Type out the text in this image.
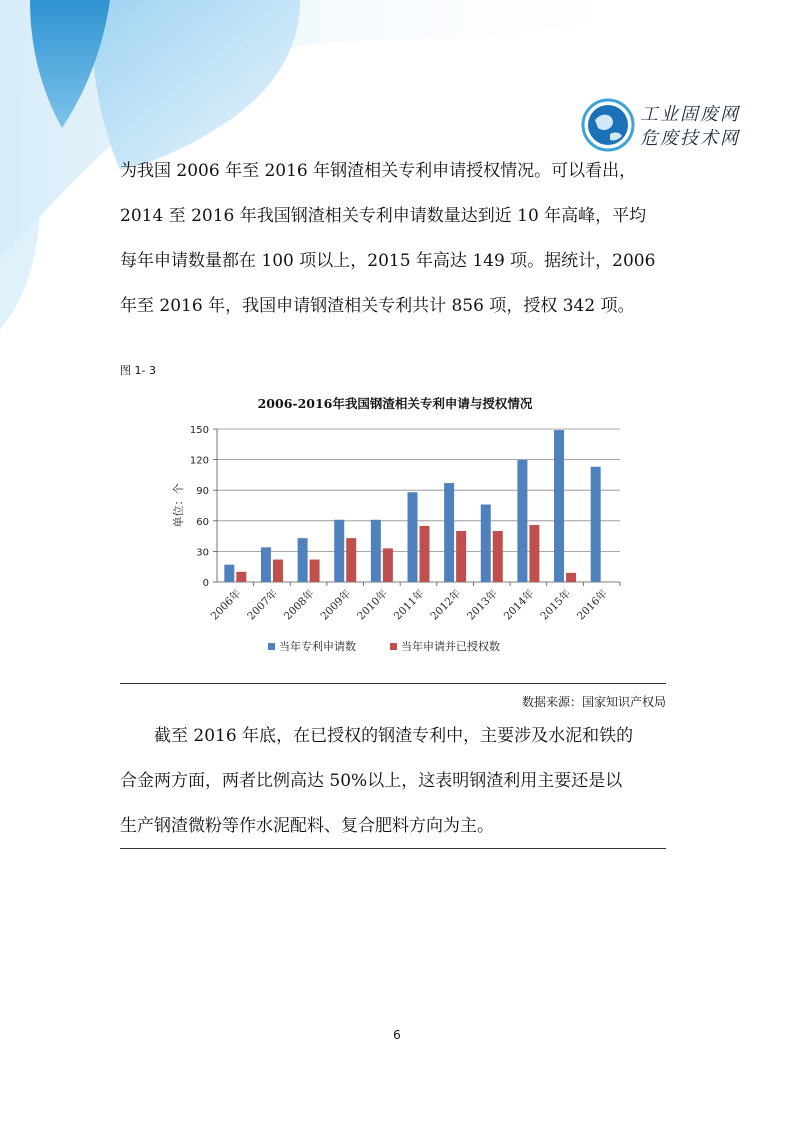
工业固废网
危废技术网
为我国 2006 年至 2016 年钢渣相关专利申请授权情况。可以看出，
2014 至 2016 年我国钢渣相关专利申请数量达到近 10 年高峰，平均
每年申请数量都在 100 项以上，2015 年高达 149 项。据统计，2006
年至 2016 年，我国申请钢渣相关专利共计 856 项，授权 342 项。
图 1- 3
2006-2016年我国钢渣相关专利申请与授权情况
0
30
60
90
120
150
单位：个
2006年 2007年 2008年 2009年 2010年 2011年 2012年 2013年 2014年 2015年 2016年
当年专利申请数	当年申请并已授权数
数据来源：国家知识产权局
截至 2016 年底，在已授权的钢渣专利中，主要涉及水泥和铁的
合金两方面，两者比例高达 50%以上，这表明钢渣利用主要还是以
生产钢渣微粉等作水泥配料、复合肥料方向为主。
6
